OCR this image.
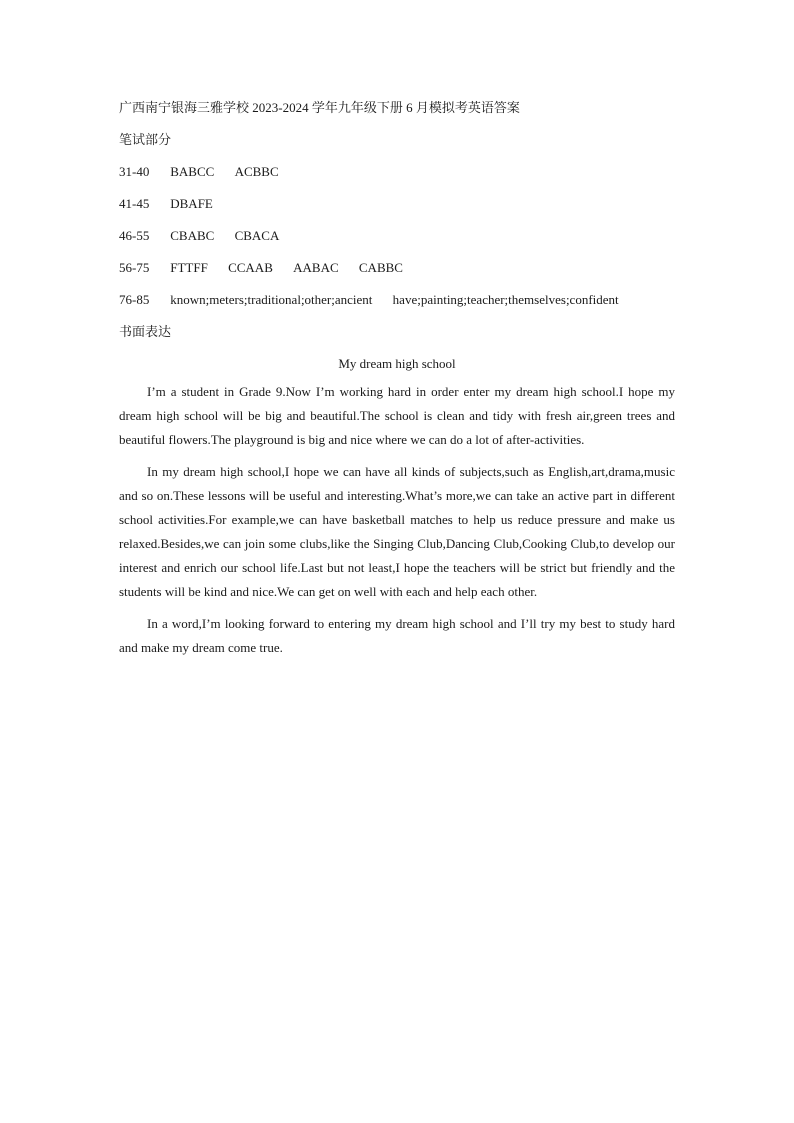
广西南宁银海三雅学校 2023-2024 学年九年级下册 6 月模拟考英语答案
笔试部分
31-40 BABCC ACBBC
41-45 DBAFE
46-55 CBABC CBACA
56-75 FTTFF CCAAB AABAC CABBC
76-85 known;meters;traditional;other;ancient have;painting;teacher;themselves;confident
书面表达
My dream high school

I’m a student in Grade 9.Now I’m working hard in order enter my dream high school.I hope my dream high school will be big and beautiful.The school is clean and tidy with fresh air,green trees and beautiful flowers.The playground is big and nice where we can do a lot of after-activities.

In my dream high school,I hope we can have all kinds of subjects,such as English,art,drama,music and so on.These lessons will be useful and interesting.What’s more,we can take an active part in different school activities.For example,we can have basketball matches to help us reduce pressure and make us relaxed.Besides,we can join some clubs,like the Singing Club,Dancing Club,Cooking Club,to develop our interest and enrich our school life.Last but not least,I hope the teachers will be strict but friendly and the students will be kind and nice.We can get on well with each and help each other.

In a word,I’m looking forward to entering my dream high school and I’ll try my best to study hard and make my dream come true.
